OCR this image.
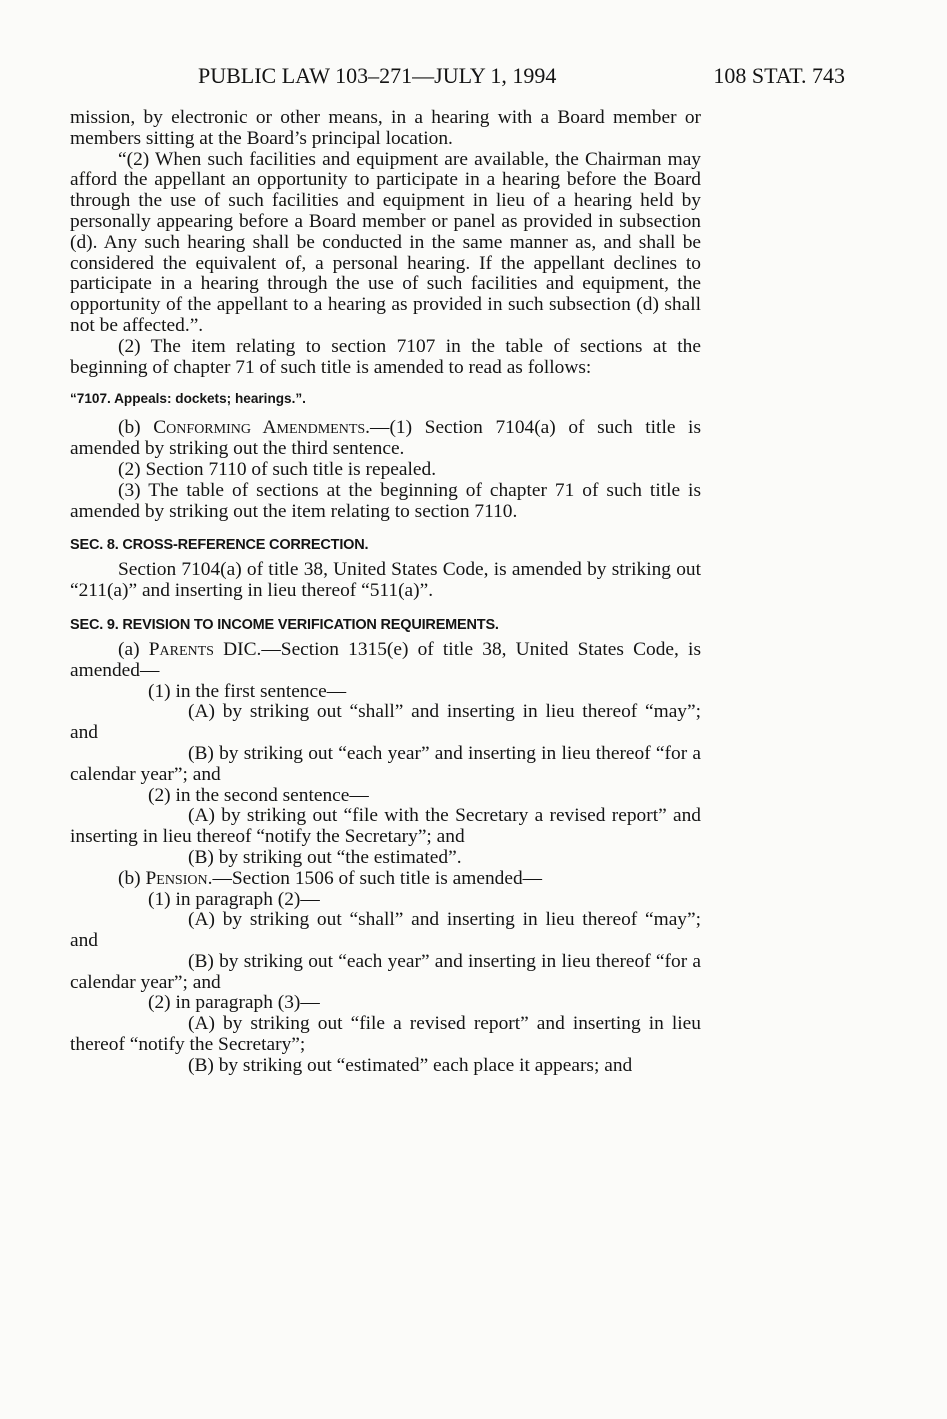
PUBLIC LAW 103–271—JULY 1, 1994	108 STAT. 743

mission, by electronic or other means, in a hearing with a Board member or members sitting at the Board’s principal location.

“(2) When such facilities and equipment are available, the Chairman may afford the appellant an opportunity to participate in a hearing before the Board through the use of such facilities and equipment in lieu of a hearing held by personally appearing before a Board member or panel as provided in subsection (d). Any such hearing shall be conducted in the same manner as, and shall be considered the equivalent of, a personal hearing. If the appellant declines to participate in a hearing through the use of such facilities and equipment, the opportunity of the appellant to a hearing as provided in such subsection (d) shall not be affected.”.

(2) The item relating to section 7107 in the table of sections at the beginning of chapter 71 of such title is amended to read as follows:

“7107. Appeals: dockets; hearings.”.

(b) Conforming Amendments.—(1) Section 7104(a) of such title is amended by striking out the third sentence.

(2) Section 7110 of such title is repealed.

(3) The table of sections at the beginning of chapter 71 of such title is amended by striking out the item relating to section 7110.

SEC. 8. CROSS-REFERENCE CORRECTION.

Section 7104(a) of title 38, United States Code, is amended by striking out “211(a)” and inserting in lieu thereof “511(a)”.

SEC. 9. REVISION TO INCOME VERIFICATION REQUIREMENTS.

(a) Parents DIC.—Section 1315(e) of title 38, United States Code, is amended—

(1) in the first sentence—

(A) by striking out “shall” and inserting in lieu thereof “may”; and

(B) by striking out “each year” and inserting in lieu thereof “for a calendar year”; and

(2) in the second sentence—

(A) by striking out “file with the Secretary a revised report” and inserting in lieu thereof “notify the Secretary”; and

(B) by striking out “the estimated”.

(b) Pension.—Section 1506 of such title is amended—

(1) in paragraph (2)—

(A) by striking out “shall” and inserting in lieu thereof “may”; and

(B) by striking out “each year” and inserting in lieu thereof “for a calendar year”; and

(2) in paragraph (3)—

(A) by striking out “file a revised report” and inserting in lieu thereof “notify the Secretary”;

(B) by striking out “estimated” each place it appears; and
